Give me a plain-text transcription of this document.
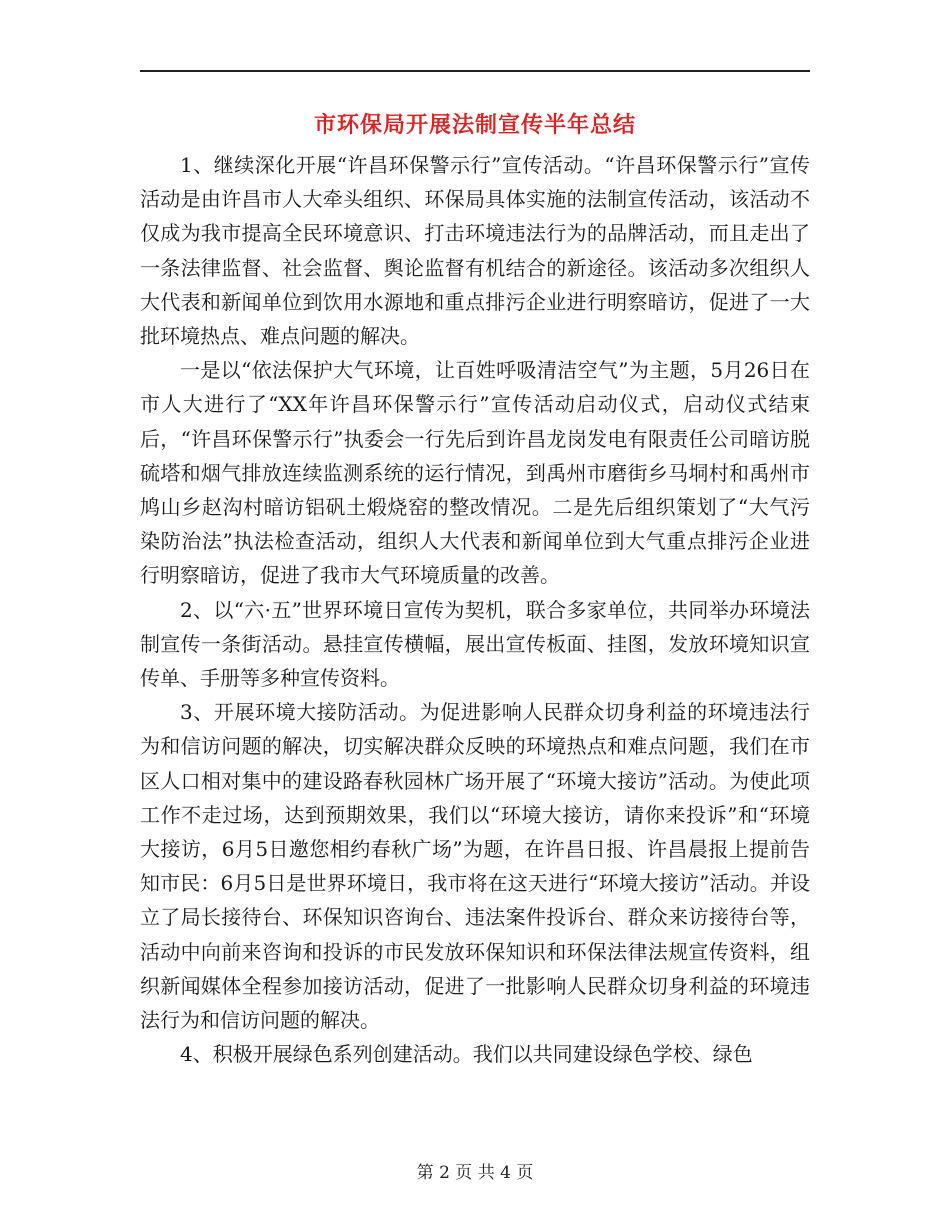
市环保局开展法制宣传半年总结

1、继续深化开展“许昌环保警示行”宣传活动。“许昌环保警示行”宣传活动是由许昌市人大牵头组织、环保局具体实施的法制宣传活动，该活动不仅成为我市提高全民环境意识、打击环境违法行为的品牌活动，而且走出了一条法律监督、社会监督、舆论监督有机结合的新途径。该活动多次组织人大代表和新闻单位到饮用水源地和重点排污企业进行明察暗访，促进了一大批环境热点、难点问题的解决。

一是以“依法保护大气环境，让百姓呼吸清洁空气”为主题，5月26日在市人大进行了“XX年许昌环保警示行”宣传活动启动仪式，启动仪式结束后，“许昌环保警示行”执委会一行先后到许昌龙岗发电有限责任公司暗访脱硫塔和烟气排放连续监测系统的运行情况，到禹州市磨街乡马垌村和禹州市鸠山乡赵沟村暗访铝矾土煅烧窑的整改情况。二是先后组织策划了“大气污染防治法”执法检查活动，组织人大代表和新闻单位到大气重点排污企业进行明察暗访，促进了我市大气环境质量的改善。

2、以“六·五”世界环境日宣传为契机，联合多家单位，共同举办环境法制宣传一条街活动。悬挂宣传横幅，展出宣传板面、挂图，发放环境知识宣传单、手册等多种宣传资料。

3、开展环境大接防活动。为促进影响人民群众切身利益的环境违法行为和信访问题的解决，切实解决群众反映的环境热点和难点问题，我们在市区人口相对集中的建设路春秋园林广场开展了“环境大接访”活动。为使此项工作不走过场，达到预期效果，我们以“环境大接访，请你来投诉”和“环境大接访，6月5日邀您相约春秋广场”为题，在许昌日报、许昌晨报上提前告知市民：6月5日是世界环境日，我市将在这天进行“环境大接访”活动。并设立了局长接待台、环保知识咨询台、违法案件投诉台、群众来访接待台等，活动中向前来咨询和投诉的市民发放环保知识和环保法律法规宣传资料，组织新闻媒体全程参加接访活动，促进了一批影响人民群众切身利益的环境违法行为和信访问题的解决。

4、积极开展绿色系列创建活动。我们以共同建设绿色学校、绿色

第 2 页 共 4 页
